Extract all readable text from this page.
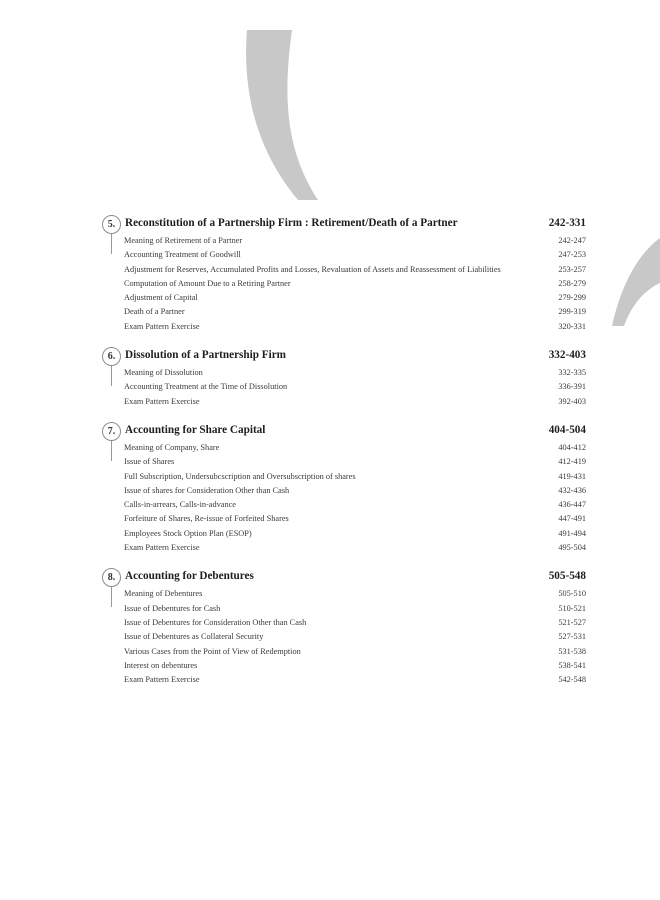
5. Reconstitution of a Partnership Firm : Retirement/Death of a Partner	242-331
Meaning of Retirement of a Partner	242-247
Accounting Treatment of Goodwill	247-253
Adjustment for Reserves, Accumulated Profits and Losses, Revaluation of Assets and Reassessment of Liabilities	253-257
Computation of Amount Due to a Retiring Partner	258-279
Adjustment of Capital	279-299
Death of a Partner	299-319
Exam Pattern Exercise	320-331
6. Dissolution of a Partnership Firm	332-403
Meaning of Dissolution	332-335
Accounting Treatment at the Time of Dissolution	336-391
Exam Pattern Exercise	392-403
7. Accounting for Share Capital	404-504
Meaning of Company, Share	404-412
Issue of Shares	412-419
Full Subscription, Undersubcscription and Oversubscription of shares	419-431
Issue of shares for Consideration Other than Cash	432-436
Calls-in-arrears, Calls-in-advance	436-447
Forfeiture of Shares, Re-issue of Forfeited Shares	447-491
Employees Stock Option Plan (ESOP)	491-494
Exam Pattern Exercise	495-504
8. Accounting for Debentures	505-548
Meaning of Debentures	505-510
Issue of Debentures for Cash	510-521
Issue of Debentures for Consideration Other than Cash	521-527
Issue of Debentures as Collateral Security	527-531
Various Cases from the Point of View of Redemption	531-538
Interest on debentures	538-541
Exam Pattern Exercise	542-548
